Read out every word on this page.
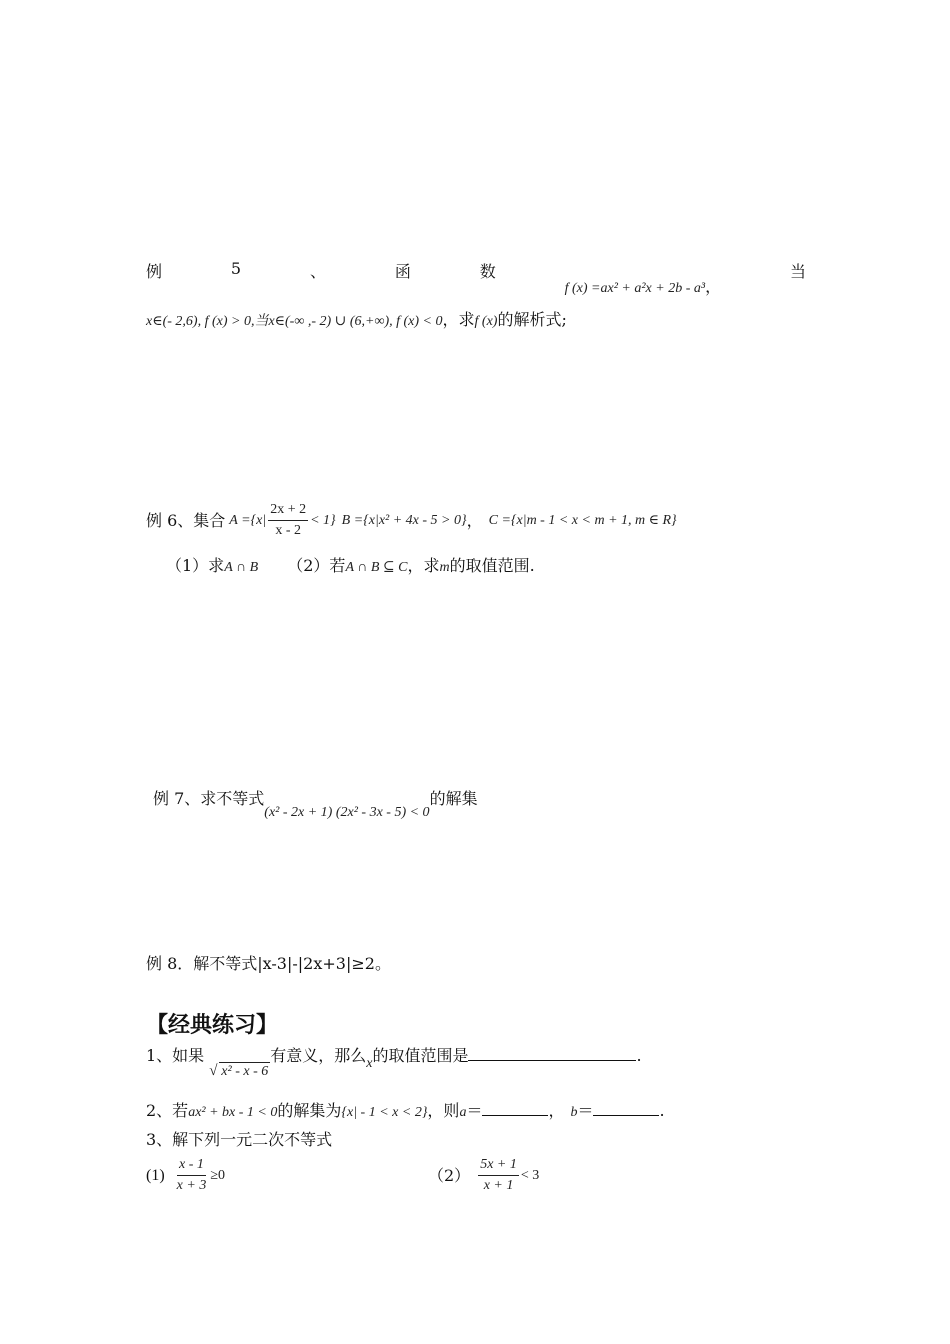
例	5	、	函	数
f (x) =ax² + a²x + 2b - a³，
当
x∈(- 2,6), f (x) > 0,当x∈(-∞ ,- 2) ∪ (6,+∞), f (x) < 0，求f (x)的解析式;
例 6、集合 $A =\{x| \frac{2x + 2}{x - 2} < 1\}$ B ={x|x² + 4x - 5 > 0} ， C ={x|m - 1 < x < m + 1, m ∈ R}
（1）求A ∩ B （2）若A ∩ B ⊆ C，求m的取值范围.
例 7、求不等式(x² - 2x + 1) (2x² - 3x - 5) < 0的解集
例 8．解不等式|x-3|-|2x+3|≥2。
【经典练习】
1、如果
√ x² - x - 6有意义，那么x的取值范围是	.
2、若ax² + bx - 1 < 0的解集为{x| - 1 < x < 2}，则a＝	， b＝	.
3、解下列一元二次不等式
$(1) \frac{x - 1}{x + 3} \ge 0$	$(2) \frac{5x + 1}{x + 1} < 3$
